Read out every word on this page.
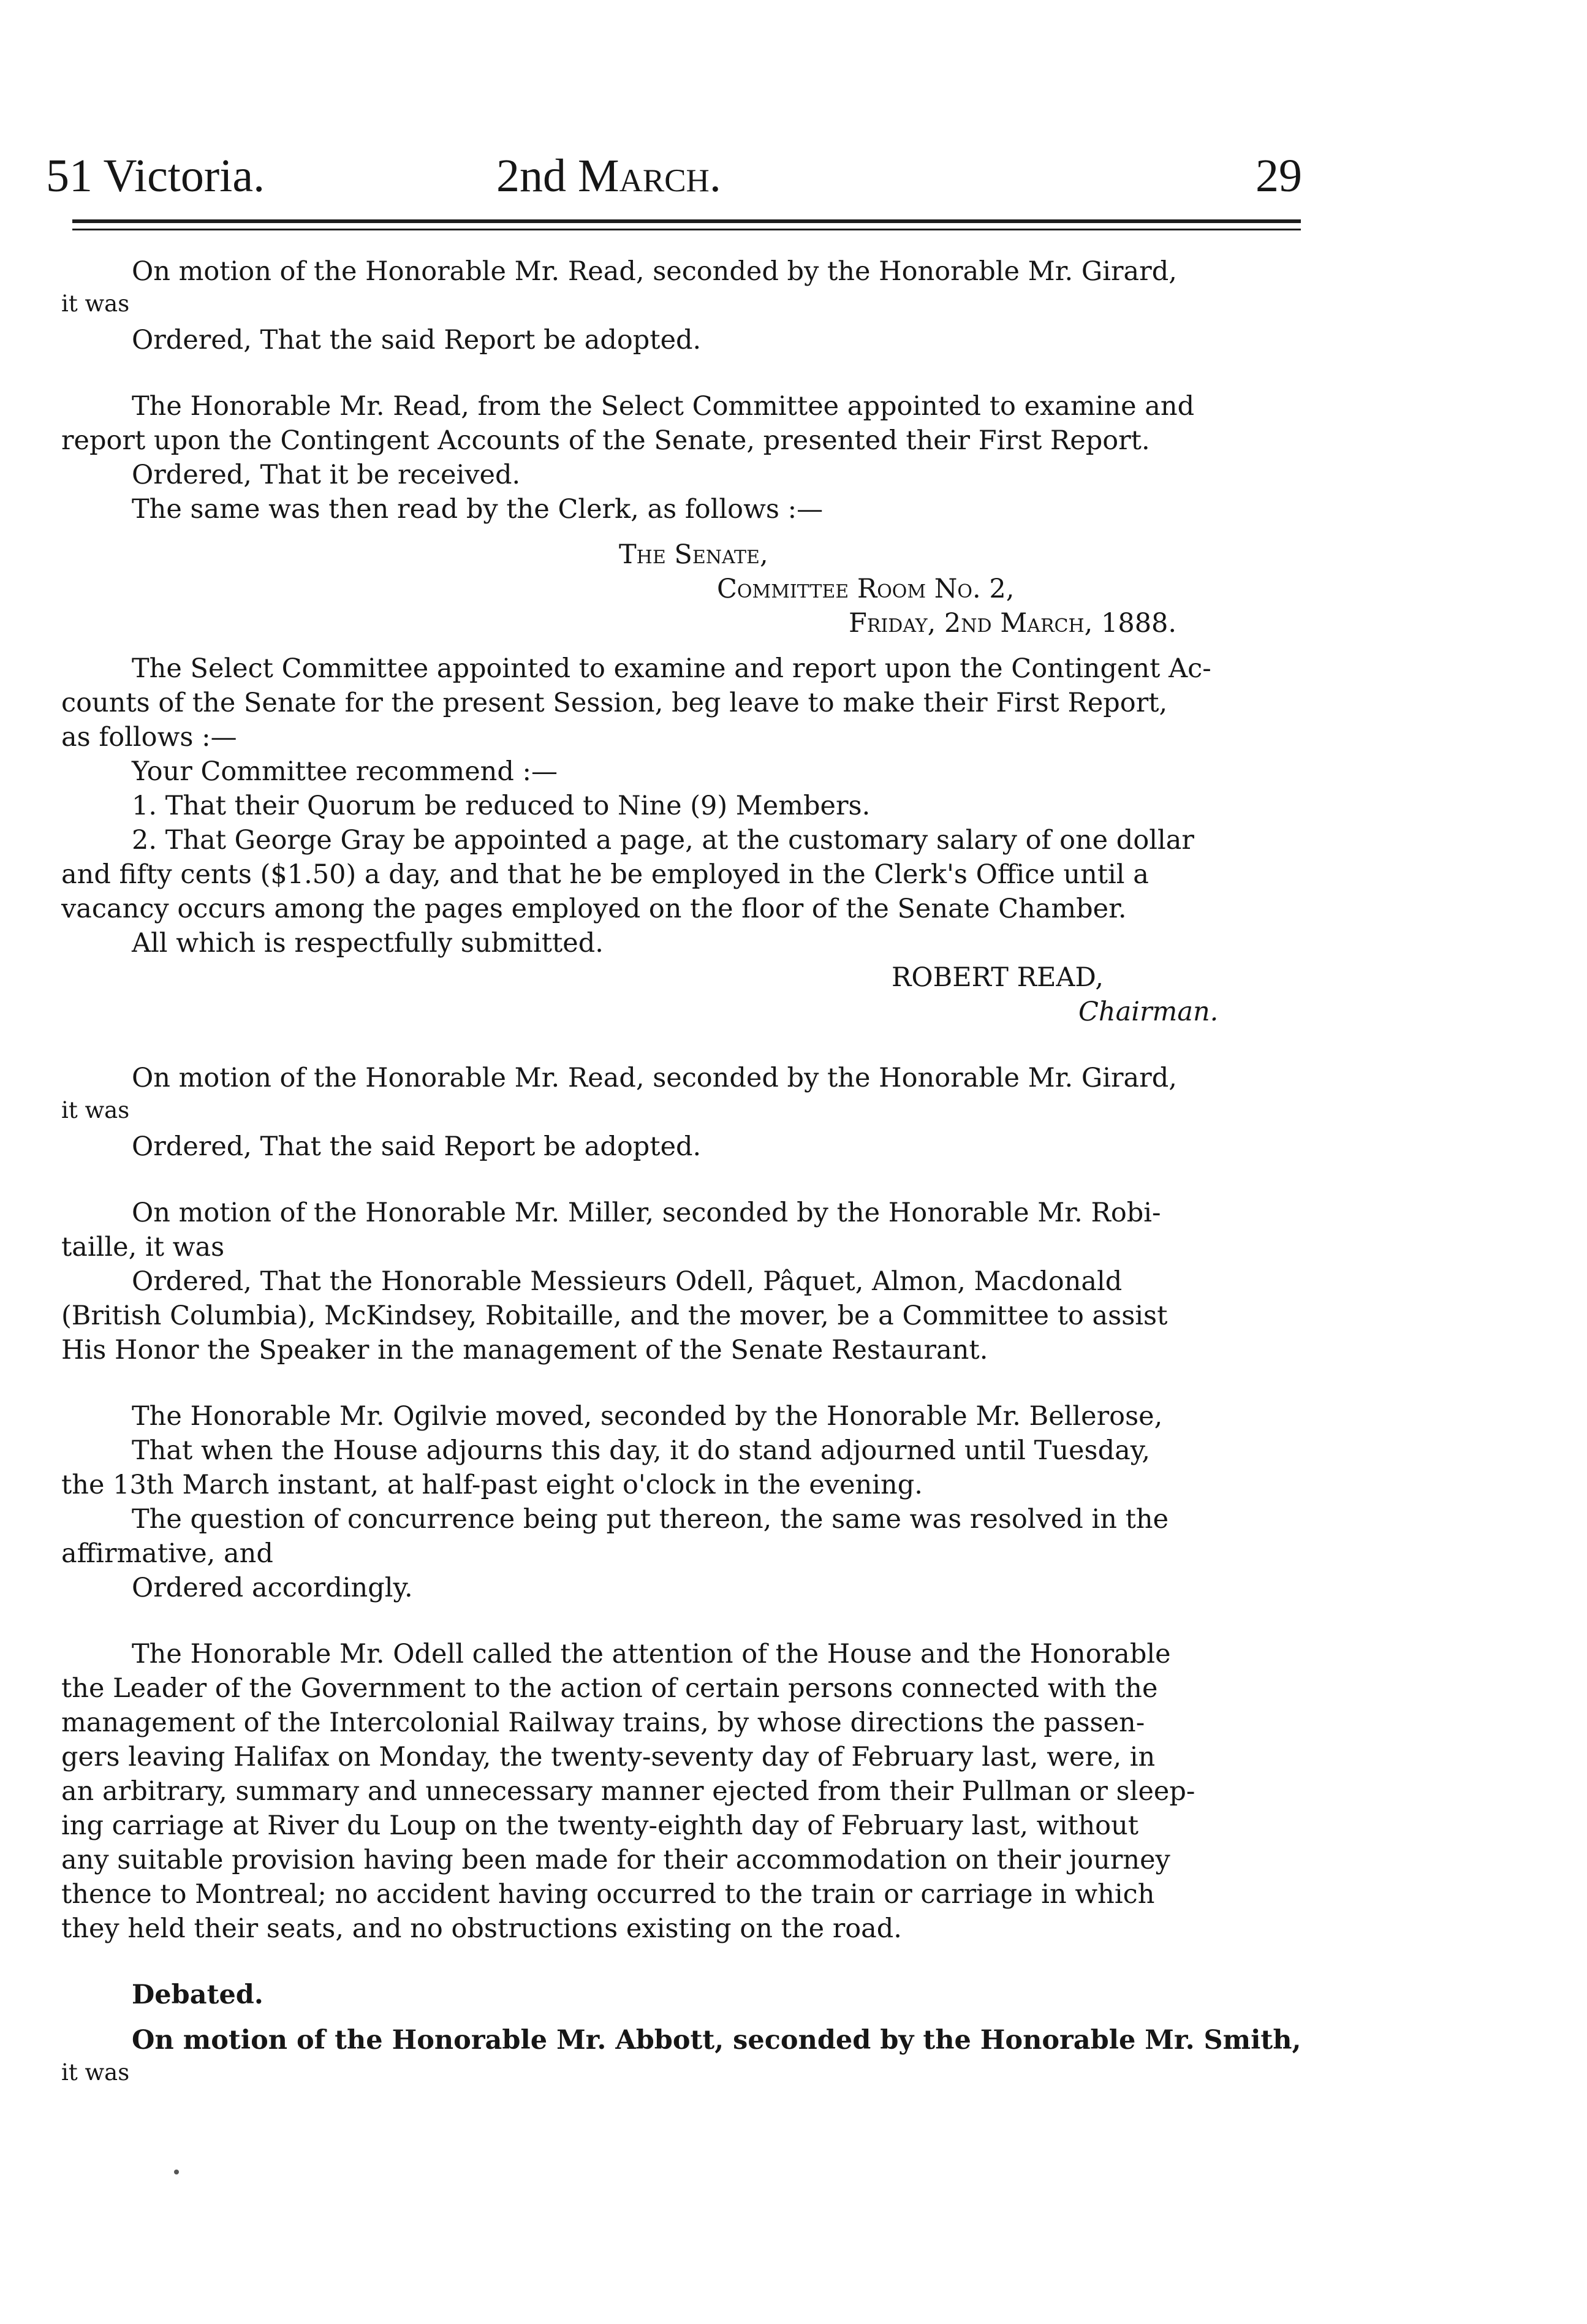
51 Victoria.	2nd March.	29
On motion of the Honorable Mr. Read, seconded by the Honorable Mr. Girard,
it was
Ordered, That the said Report be adopted.
The Honorable Mr. Read, from the Select Committee appointed to examine and
report upon the Contingent Accounts of the Senate, presented their First Report.
Ordered, That it be received.
The same was then read by the Clerk, as follows :—
The Senate,
Committee Room No. 2,
Friday, 2nd March, 1888.
The Select Committee appointed to examine and report upon the Contingent Ac-
counts of the Senate for the present Session, beg leave to make their First Report,
as follows :—
Your Committee recommend :—
1. That their Quorum be reduced to Nine (9) Members.
2. That George Gray be appointed a page, at the customary salary of one dollar
and fifty cents ($1.50) a day, and that he be employed in the Clerk's Office until a
vacancy occurs among the pages employed on the floor of the Senate Chamber.
All which is respectfully submitted.
ROBERT READ,
Chairman.
On motion of the Honorable Mr. Read, seconded by the Honorable Mr. Girard,
it was
Ordered, That the said Report be adopted.
On motion of the Honorable Mr. Miller, seconded by the Honorable Mr. Robi-
taille, it was
Ordered, That the Honorable Messieurs Odell, Pâquet, Almon, Macdonald
(British Columbia), McKindsey, Robitaille, and the mover, be a Committee to assist
His Honor the Speaker in the management of the Senate Restaurant.
The Honorable Mr. Ogilvie moved, seconded by the Honorable Mr. Bellerose,
That when the House adjourns this day, it do stand adjourned until Tuesday,
the 13th March instant, at half-past eight o'clock in the evening.
The question of concurrence being put thereon, the same was resolved in the
affirmative, and
Ordered accordingly.
The Honorable Mr. Odell called the attention of the House and the Honorable
the Leader of the Government to the action of certain persons connected with the
management of the Intercolonial Railway trains, by whose directions the passen-
gers leaving Halifax on Monday, the twenty-seventy day of February last, were, in
an arbitrary, summary and unnecessary manner ejected from their Pullman or sleep-
ing carriage at River du Loup on the twenty-eighth day of February last, without
any suitable provision having been made for their accommodation on their journey
thence to Montreal; no accident having occurred to the train or carriage in which
they held their seats, and no obstructions existing on the road.
Debated.
On motion of the Honorable Mr. Abbott, seconded by the Honorable Mr. Smith,
it was
